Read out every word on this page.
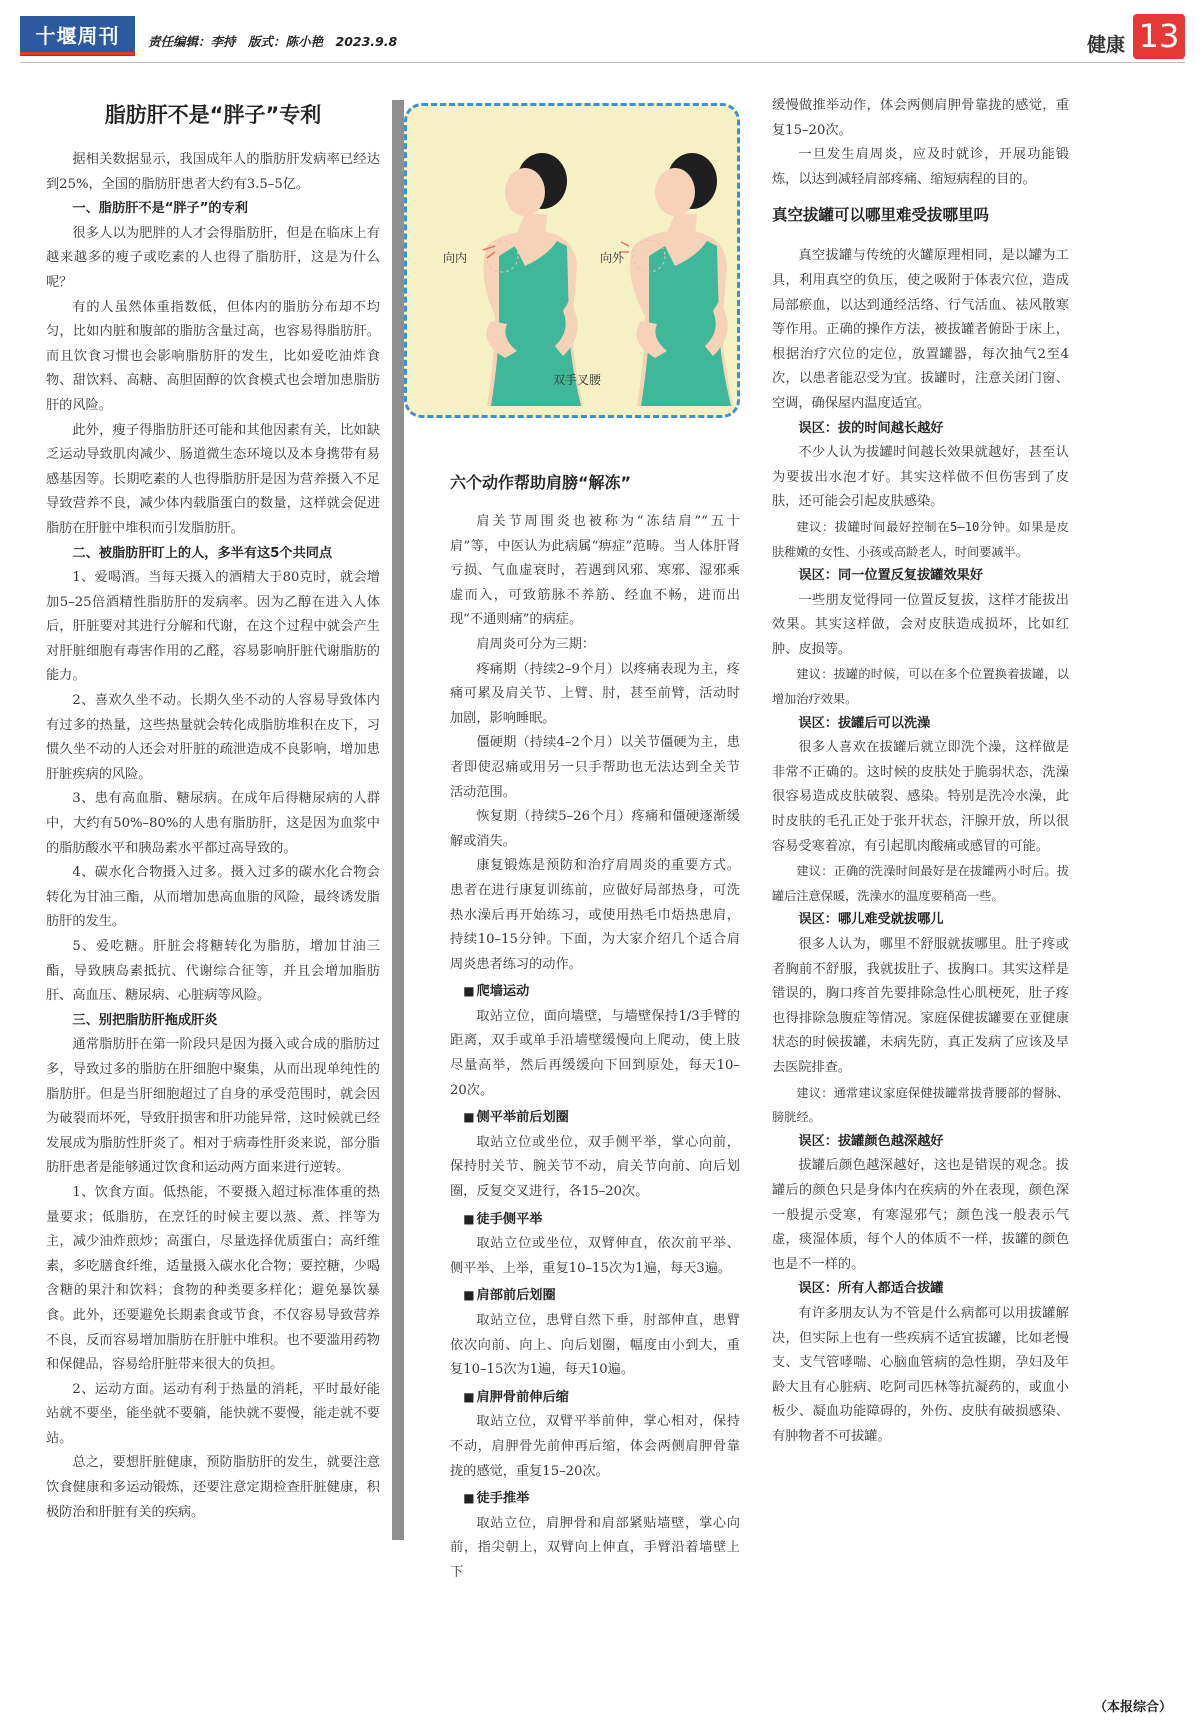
十堰周刊	责任编辑：李持　版式：陈小艳　2023.9.8	健康 13
脂肪肝不是“胖子”专利

据相关数据显示，我国成年人的脂肪肝发病率已经达到25%，全国的脂肪肝患者大约有3.5–5亿。

一、脂肪肝不是“胖子”的专利

很多人以为肥胖的人才会得脂肪肝，但是在临床上有越来越多的瘦子或吃素的人也得了脂肪肝，这是为什么呢？

有的人虽然体重指数低，但体内的脂肪分布却不均匀，比如内脏和腹部的脂肪含量过高，也容易得脂肪肝。而且饮食习惯也会影响脂肪肝的发生，比如爱吃油炸食物、甜饮料、高糖、高胆固醇的饮食模式也会增加患脂肪肝的风险。

此外，瘦子得脂肪肝还可能和其他因素有关，比如缺乏运动导致肌肉减少、肠道微生态环境以及本身携带有易感基因等。长期吃素的人也得脂肪肝是因为营养摄入不足导致营养不良，减少体内载脂蛋白的数量，这样就会促进脂肪在肝脏中堆积而引发脂肪肝。

二、被脂肪肝盯上的人，多半有这5个共同点

1、爱喝酒。当每天摄入的酒精大于80克时，就会增加5–25倍酒精性脂肪肝的发病率。因为乙醇在进入人体后，肝脏要对其进行分解和代谢，在这个过程中就会产生对肝脏细胞有毒害作用的乙醛，容易影响肝脏代谢脂肪的能力。

2、喜欢久坐不动。长期久坐不动的人容易导致体内有过多的热量，这些热量就会转化成脂肪堆积在皮下，习惯久坐不动的人还会对肝脏的疏泄造成不良影响，增加患肝脏疾病的风险。

3、患有高血脂、糖尿病。在成年后得糖尿病的人群中，大约有50%–80%的人患有脂肪肝，这是因为血浆中的脂肪酸水平和胰岛素水平都过高导致的。

4、碳水化合物摄入过多。摄入过多的碳水化合物会转化为甘油三酯，从而增加患高血脂的风险，最终诱发脂肪肝的发生。

5、爱吃糖。肝脏会将糖转化为脂肪，增加甘油三酯，导致胰岛素抵抗、代谢综合征等，并且会增加脂肪肝、高血压、糖尿病、心脏病等风险。

三、别把脂肪肝拖成肝炎

通常脂肪肝在第一阶段只是因为摄入或合成的脂肪过多，导致过多的脂肪在肝细胞中聚集，从而出现单纯性的脂肪肝。但是当肝细胞超过了自身的承受范围时，就会因为破裂而坏死，导致肝损害和肝功能异常，这时候就已经发展成为脂肪性肝炎了。相对于病毒性肝炎来说，部分脂肪肝患者是能够通过饮食和运动两方面来进行逆转。

1、饮食方面。低热能，不要摄入超过标准体重的热量要求；低脂肪，在烹饪的时候主要以蒸、煮、拌等为主，减少油炸煎炒；高蛋白，尽量选择优质蛋白；高纤维素，多吃膳食纤维，适量摄入碳水化合物；要控糖，少喝含糖的果汁和饮料；食物的种类要多样化；避免暴饮暴食。此外，还要避免长期素食或节食，不仅容易导致营养不良，反而容易增加脂肪在肝脏中堆积。也不要滥用药物和保健品，容易给肝脏带来很大的负担。

2、运动方面。运动有利于热量的消耗，平时最好能站就不要坐，能坐就不要躺，能快就不要慢，能走就不要站。

总之，要想肝脏健康，预防脂肪肝的发生，就要注意饮食健康和多运动锻炼，还要注意定期检查肝脏健康，积极防治和肝脏有关的疾病。

向内	向外
双手叉腰
六个动作帮助肩膀“解冻”

肩关节周围炎也被称为“冻结肩”“五十肩”等，中医认为此病属“痹症”范畴。当人体肝肾亏损、气血虚衰时，若遇到风邪、寒邪、湿邪乘虚而入，可致筋脉不养筋、经血不畅，进而出现“不通则痛”的病症。

肩周炎可分为三期：

疼痛期（持续2–9个月）以疼痛表现为主，疼痛可累及肩关节、上臂、肘，甚至前臂，活动时加剧，影响睡眠。

僵硬期（持续4–2个月）以关节僵硬为主，患者即使忍痛或用另一只手帮助也无法达到全关节活动范围。

恢复期（持续5–26个月）疼痛和僵硬逐渐缓解或消失。

康复锻炼是预防和治疗肩周炎的重要方式。患者在进行康复训练前，应做好局部热身，可洗热水澡后再开始练习，或使用热毛巾焐热患肩，持续10–15分钟。下面，为大家介绍几个适合肩周炎患者练习的动作。

■ 爬墙运动

取站立位，面向墙壁，与墙壁保持1/3手臂的距离，双手或单手沿墙壁缓慢向上爬动，使上肢尽量高举，然后再缓缓向下回到原处，每天10–20次。

■ 侧平举前后划圈

取站立位或坐位，双手侧平举，掌心向前，保持肘关节、腕关节不动，肩关节向前、向后划圈，反复交叉进行，各15–20次。

■ 徒手侧平举

取站立位或坐位，双臂伸直，依次前平举、侧平举、上举，重复10–15次为1遍，每天3遍。

■ 肩部前后划圈

取站立位，患臂自然下垂，肘部伸直，患臂依次向前、向上、向后划圈，幅度由小到大，重复10–15次为1遍，每天10遍。

■ 肩胛骨前伸后缩

取站立位，双臂平举前伸，掌心相对，保持不动，肩胛骨先前伸再后缩，体会两侧肩胛骨靠拢的感觉，重复15–20次。

■ 徒手推举

取站立位，肩胛骨和肩部紧贴墙壁，掌心向前，指尖朝上，双臂向上伸直，手臂沿着墙壁上下

缓慢做推举动作，体会两侧肩胛骨靠拢的感觉，重复15–20次。

一旦发生肩周炎，应及时就诊，开展功能锻炼，以达到减轻肩部疼痛、缩短病程的目的。

真空拔罐可以哪里难受拔哪里吗

真空拔罐与传统的火罐原理相同，是以罐为工具，利用真空的负压，使之吸附于体表穴位，造成局部瘀血，以达到通经活络、行气活血、祛风散寒等作用。正确的操作方法，被拔罐者俯卧于床上，根据治疗穴位的定位，放置罐器，每次抽气2至4次，以患者能忍受为宜。拔罐时，注意关闭门窗、空调，确保屋内温度适宜。

误区：拔的时间越长越好

不少人认为拔罐时间越长效果就越好，甚至认为要拔出水泡才好。其实这样做不但伤害到了皮肤，还可能会引起皮肤感染。

建议：拔罐时间最好控制在5–10分钟。如果是皮肤稚嫩的女性、小孩或高龄老人，时间要减半。

误区：同一位置反复拔罐效果好

一些朋友觉得同一位置反复拔，这样才能拔出效果。其实这样做，会对皮肤造成损坏，比如红肿、皮损等。

建议：拔罐的时候，可以在多个位置换着拔罐，以增加治疗效果。

误区：拔罐后可以洗澡

很多人喜欢在拔罐后就立即洗个澡，这样做是非常不正确的。这时候的皮肤处于脆弱状态，洗澡很容易造成皮肤破裂、感染。特别是洗冷水澡，此时皮肤的毛孔正处于张开状态，汗腺开放，所以很容易受寒着凉，有引起肌肉酸痛或感冒的可能。

建议：正确的洗澡时间最好是在拔罐两小时后。拔罐后注意保暖，洗澡水的温度要稍高一些。

误区：哪儿难受就拔哪儿

很多人认为，哪里不舒服就拔哪里。肚子疼或者胸前不舒服，我就拔肚子、拔胸口。其实这样是错误的，胸口疼首先要排除急性心肌梗死，肚子疼也得排除急腹症等情况。家庭保健拔罐要在亚健康状态的时候拔罐，未病先防，真正发病了应该及早去医院排查。

建议：通常建议家庭保健拔罐常拔背腰部的督脉、膀胱经。

误区：拔罐颜色越深越好

拔罐后颜色越深越好，这也是错误的观念。拔罐后的颜色只是身体内在疾病的外在表现，颜色深一般提示受寒，有寒湿邪气；颜色浅一般表示气虚，痰湿体质，每个人的体质不一样，拔罐的颜色也是不一样的。

误区：所有人都适合拔罐

有许多朋友认为不管是什么病都可以用拔罐解决，但实际上也有一些疾病不适宜拔罐，比如老慢支、支气管哮喘、心脑血管病的急性期，孕妇及年龄大且有心脏病、吃阿司匹林等抗凝药的，或血小板少、凝血功能障碍的，外伤、皮肤有破损感染、有肿物者不可拔罐。

（本报综合）
